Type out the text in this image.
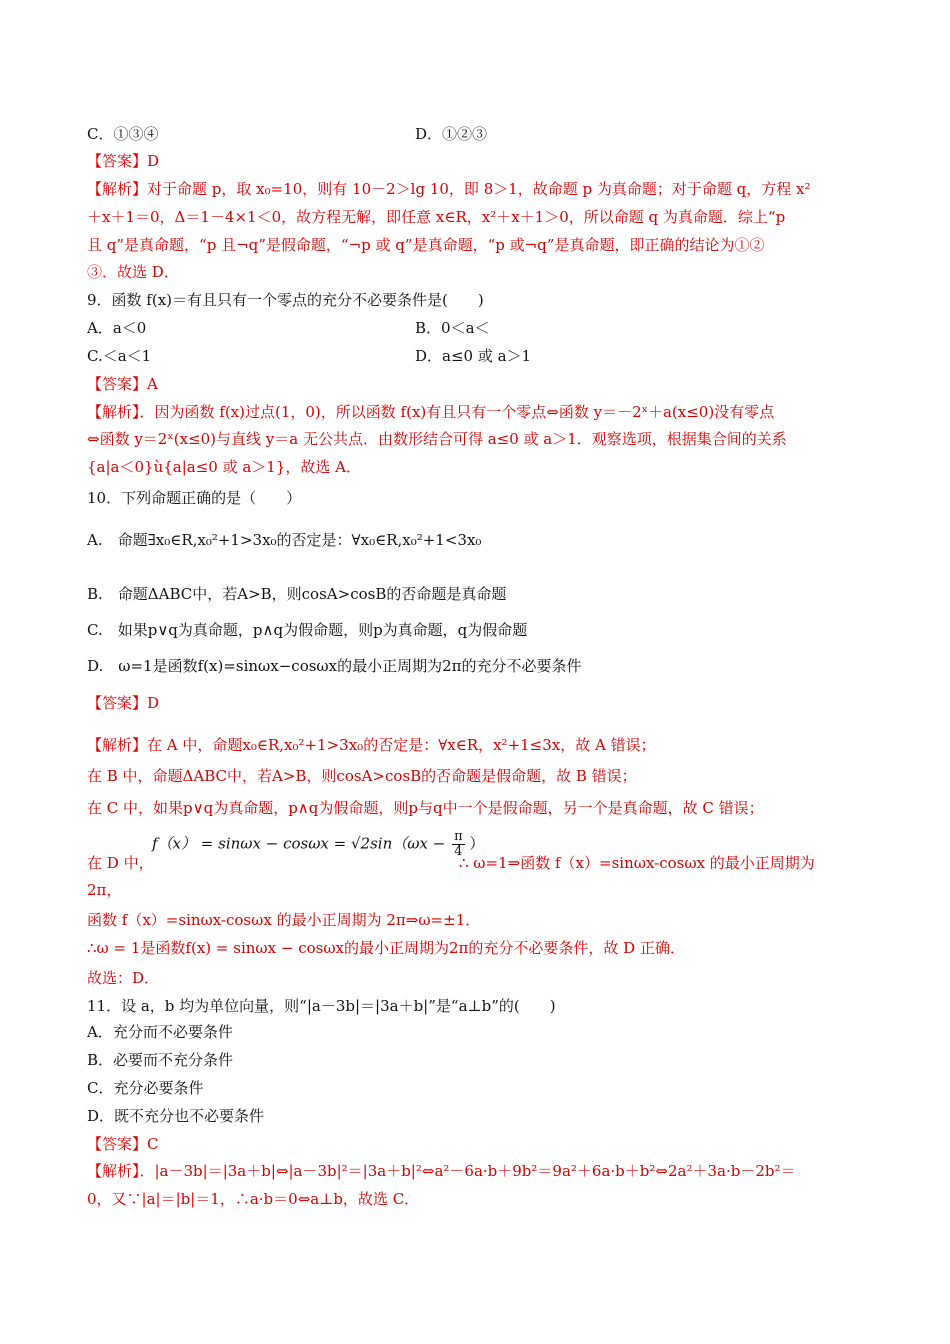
C．①③④	D．①②③
【答案】D
【解析】对于命题 p，取 x₀=10，则有 10－2＞lg 10，即 8＞1，故命题 p 为真命题；对于命题 q，方程 x²
＋x＋1＝0，Δ＝1－4×1＜0，故方程无解，即任意 x∈R，x²＋x＋1＞0，所以命题 q 为真命题．综上“p
且 q”是真命题，“p 且¬q”是假命题，“¬p 或 q”是真命题，“p 或¬q”是真命题，即正确的结论为①②
③．故选 D．
9．函数 f(x)＝有且只有一个零点的充分不必要条件是(　　)
A．a＜0	B．0＜a＜
C.＜a＜1	D．a≤0 或 a＞1
【答案】A
【解析】．因为函数 f(x)过点(1，0)，所以函数 f(x)有且只有一个零点⇔函数 y＝－2ˣ＋a(x≤0)没有零点
⇔函数 y＝2ˣ(x≤0)与直线 y＝a 无公共点．由数形结合可得 a≤0 或 a＞1．观察选项，根据集合间的关系
{a|a＜0}ù{a|a≤0 或 a＞1}，故选 A．
10．下列命题正确的是（　　）
A.　命题∃x₀∈R,x₀²+1>3x₀的否定是：∀x₀∈R,x₀²+1<3x₀
B.　命题ΔABC中，若A>B，则cosA>cosB的否命题是真命题
C.　如果p∨q为真命题，p∧q为假命题，则p为真命题，q为假命题
D.　ω=1是函数f(x)=sinωx−cosωx的最小正周期为2π的充分不必要条件
【答案】D
【解析】在 A 中，命题x₀∈R,x₀²+1>3x₀的否定是：∀x∈R，x²+1≤3x，故 A 错误；
在 B 中，命题ΔABC中，若A>B，则cosA>cosB的否命题是假命题，故 B 错误；
在 C 中，如果p∨q为真命题，p∧q为假命题，则p与q中一个是假命题，另一个是真命题，故 C 错误；
$f(x) = \sin\omega x - \cos\omega x = √2\sin(\omega x - \frac{\pi}{4}$ ）
在 D 中，	∴ ω=1⇒函数 f（x）=sinωx-cosωx 的最小正周期为
2π，
函数 f（x）=sinωx-cosωx 的最小正周期为 2π⇒ω=±1．
∴ω = 1是函数f(x) = sinωx − cosωx的最小正周期为2π的充分不必要条件，故 D 正确．
故选：D．
11．设 a，b 均为单位向量，则“|a－3b|＝|3a＋b|”是“a⊥b”的(　　)
A．充分而不必要条件
B．必要而不充分条件
C．充分必要条件
D．既不充分也不必要条件
【答案】C
【解析】．|a－3b|＝|3a＋b|⇔|a－3b|²＝|3a＋b|²⇔a²－6a·b＋9b²＝9a²＋6a·b＋b²⇔2a²＋3a·b－2b²＝
0，又∵|a|＝|b|＝1，∴a·b＝0⇔a⊥b，故选 C．
